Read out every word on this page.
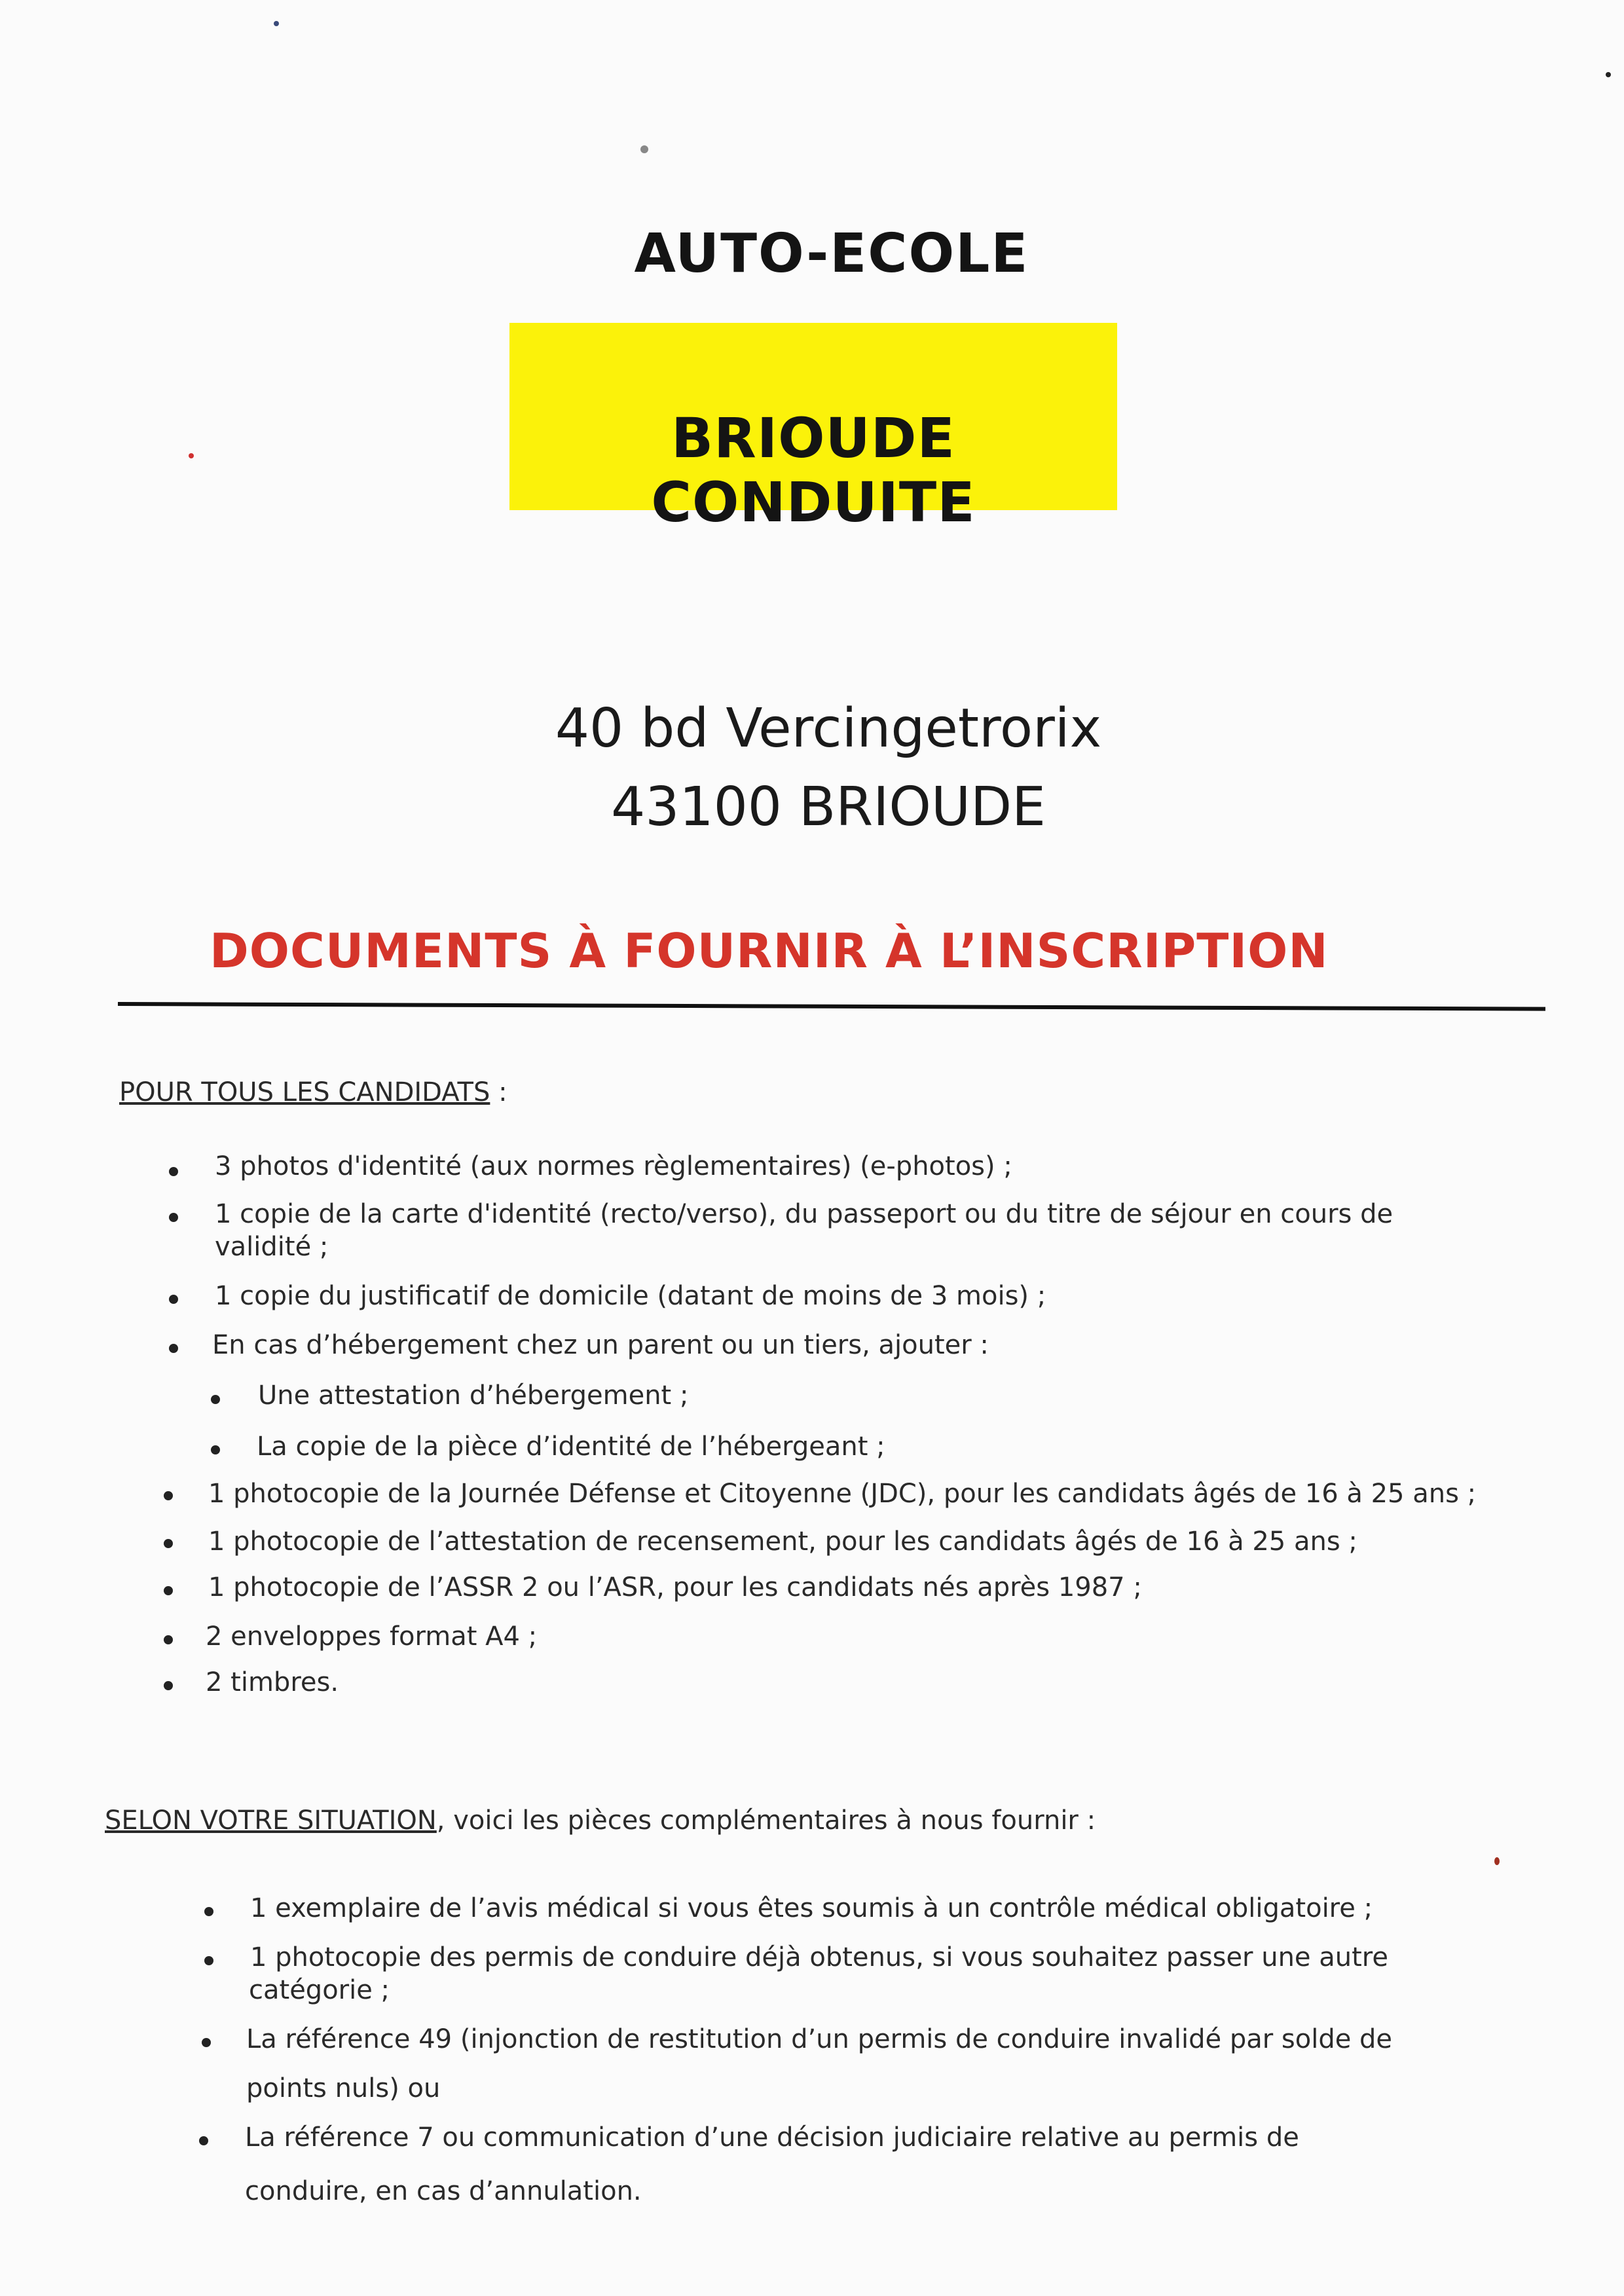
AUTO-ECOLE
BRIOUDE CONDUITE
40 bd Vercingetrorix
43100 BRIOUDE
DOCUMENTS À FOURNIR À L’INSCRIPTION
POUR TOUS LES CANDIDATS :
3 photos d'identité (aux normes règlementaires) (e-photos) ;
1 copie de la carte d'identité (recto/verso), du passeport ou du titre de séjour en cours de
validité ;
1 copie du justificatif de domicile (datant de moins de 3 mois) ;
En cas d’hébergement chez un parent ou un tiers, ajouter :
Une attestation d’hébergement ;
La copie de la pièce d’identité de l’hébergeant ;
1 photocopie de la Journée Défense et Citoyenne (JDC), pour les candidats âgés de 16 à 25 ans ;
1 photocopie de l’attestation de recensement, pour les candidats âgés de 16 à 25 ans ;
1 photocopie de l’ASSR 2 ou l’ASR, pour les candidats nés après 1987 ;
2 enveloppes format A4 ;
2 timbres.
SELON VOTRE SITUATION, voici les pièces complémentaires à nous fournir :
1 exemplaire de l’avis médical si vous êtes soumis à un contrôle médical obligatoire ;
1 photocopie des permis de conduire déjà obtenus, si vous souhaitez passer une autre
catégorie ;
La référence 49 (injonction de restitution d’un permis de conduire invalidé par solde de
points nuls) ou
La référence 7 ou communication d’une décision judiciaire relative au permis de
conduire, en cas d’annulation.
